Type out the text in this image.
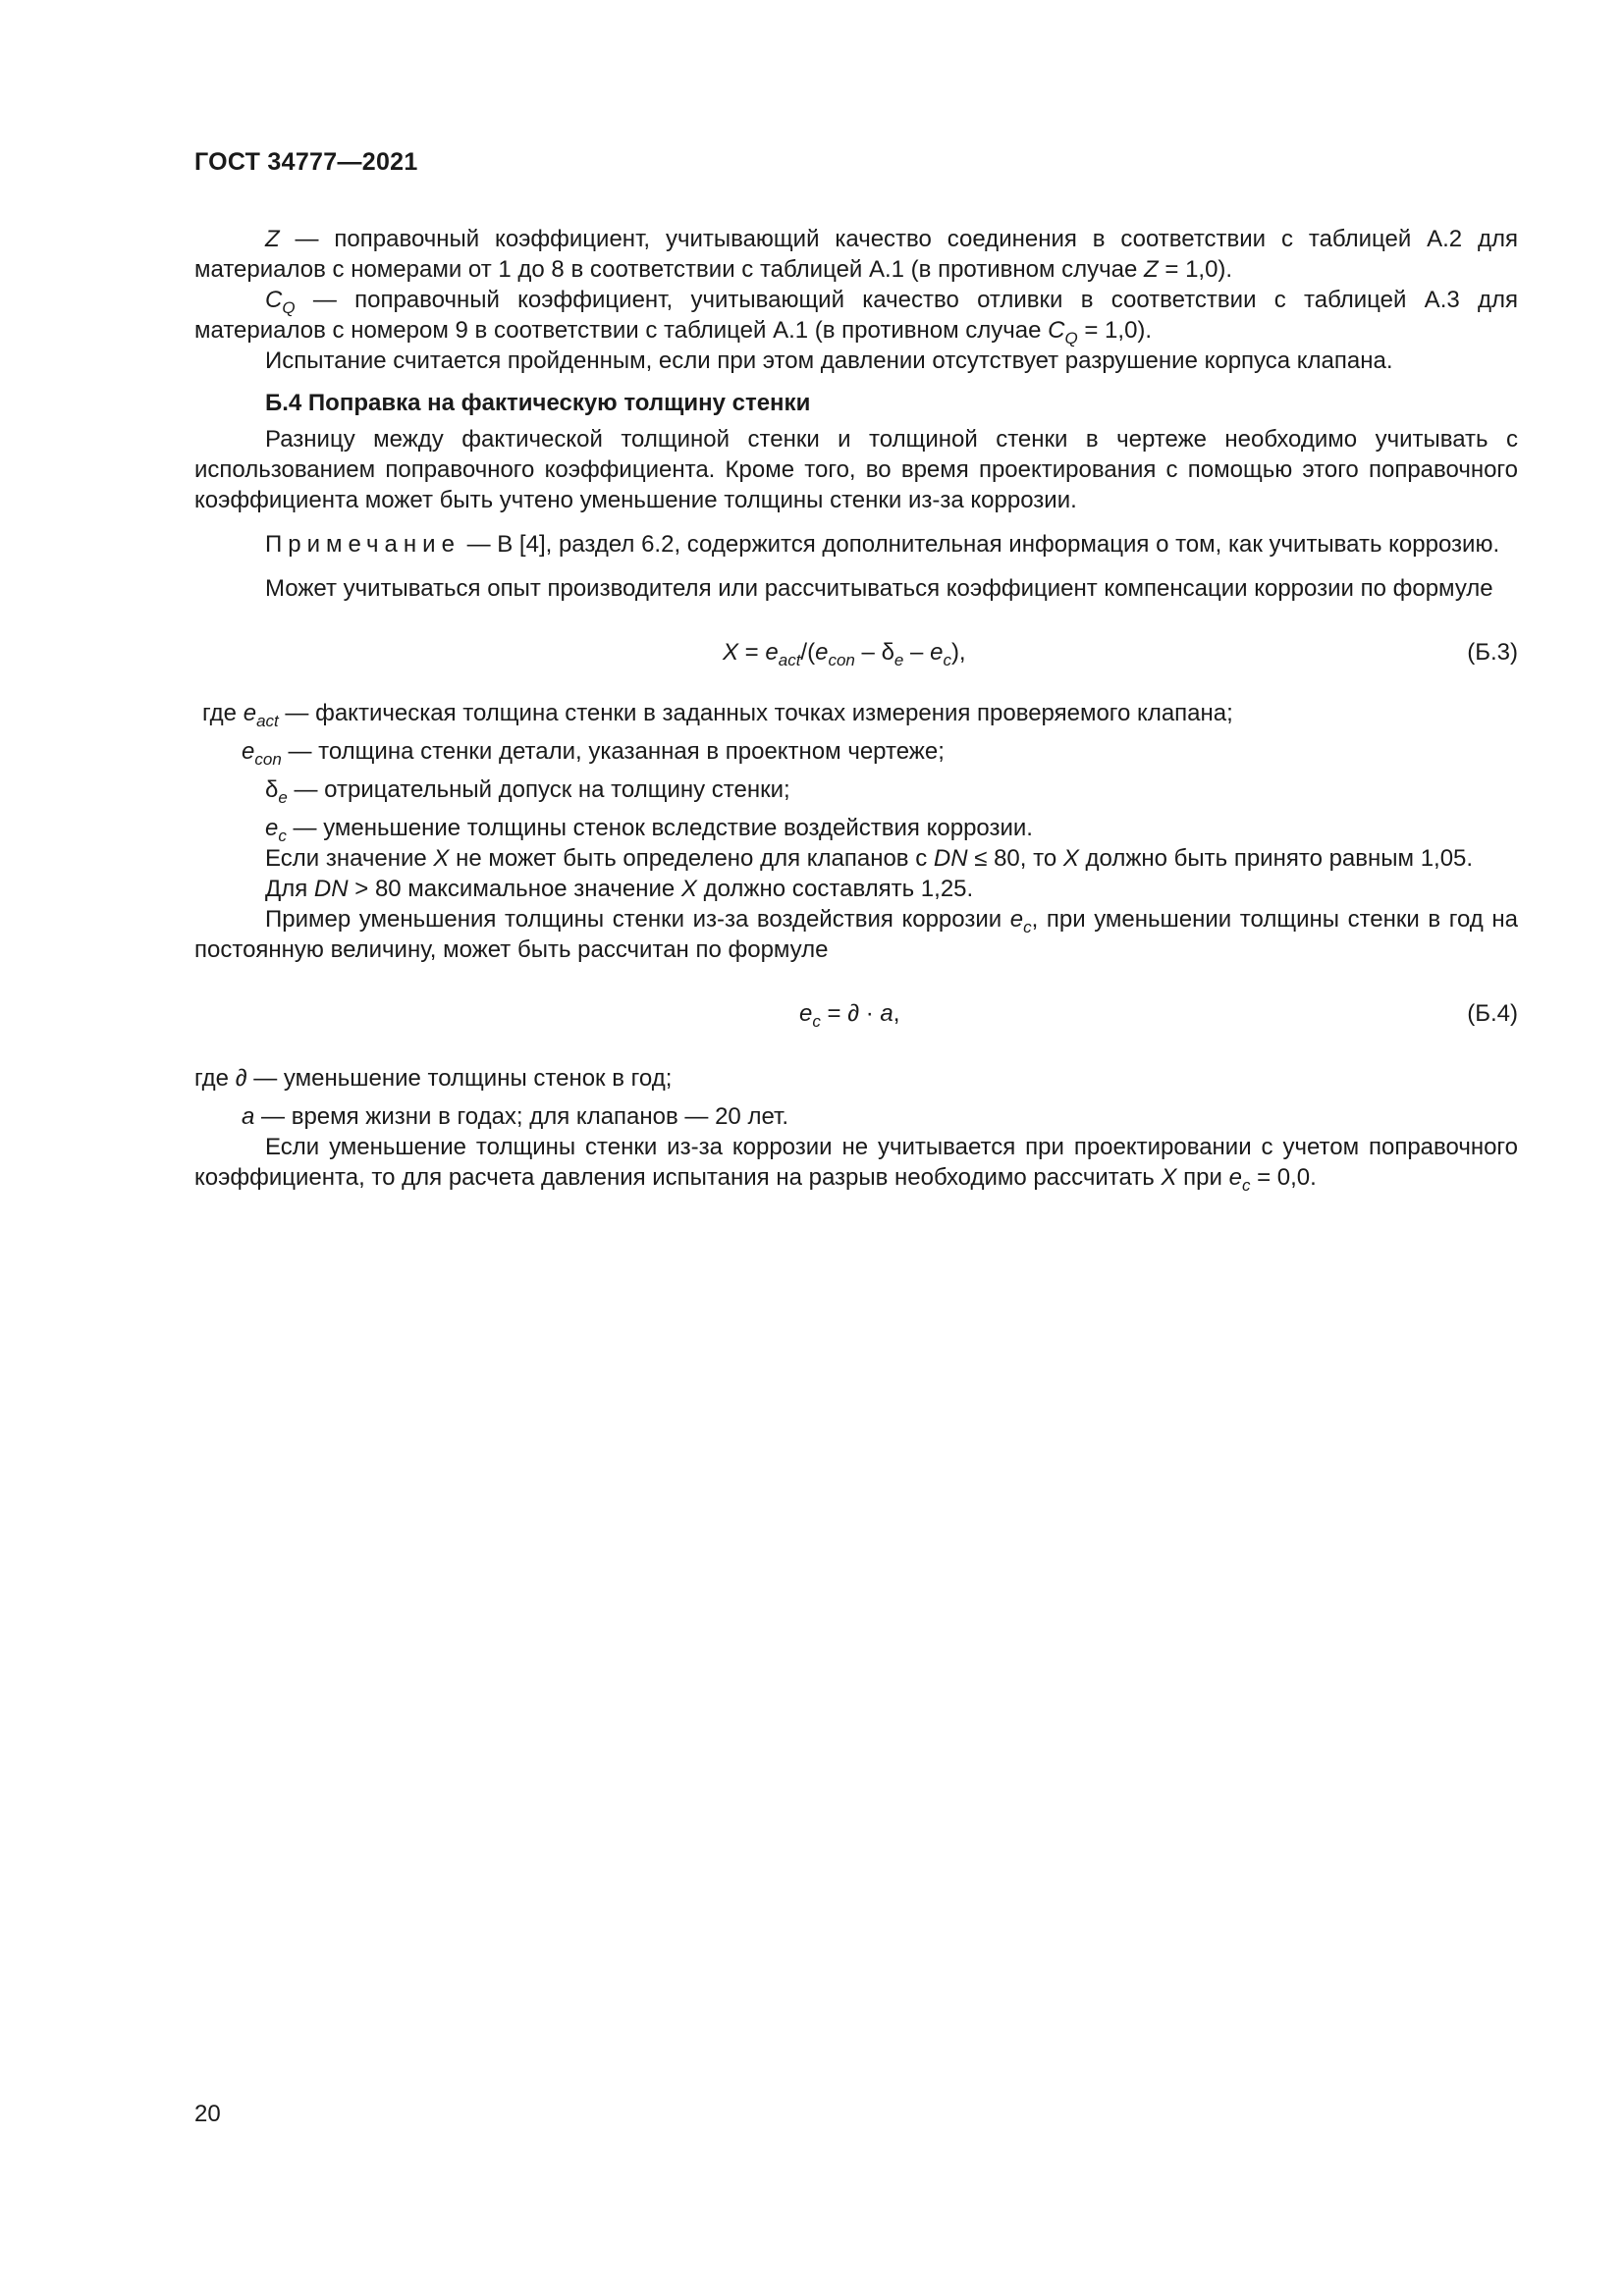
ГОСТ 34777—2021

Z — поправочный коэффициент, учитывающий качество соединения в соответствии с таблицей А.2 для материалов с номерами от 1 до 8 в соответствии с таблицей А.1 (в противном случае Z = 1,0).

$C_Q$ — поправочный коэффициент, учитывающий качество отливки в соответствии с таблицей А.3 для материалов с номером 9 в соответствии с таблицей А.1 (в противном случае $C_Q = 1,0$).

Испытание считается пройденным, если при этом давлении отсутствует разрушение корпуса клапана.

Б.4 Поправка на фактическую толщину стенки

Разницу между фактической толщиной стенки и толщиной стенки в чертеже необходимо учитывать с использованием поправочного коэффициента. Кроме того, во время проектирования с помощью этого поправочного коэффициента может быть учтено уменьшение толщины стенки из-за коррозии.

Примечание — В [4], раздел 6.2, содержится дополнительная информация о том, как учитывать коррозию.

Может учитываться опыт производителя или рассчитываться коэффициент компенсации коррозии по формуле

$X = e_{act}/(e_{con} - \delta_e - e_c)$,	(Б.3)

где $e_{act}$ — фактическая толщина стенки в заданных точках измерения проверяемого клапана;

$e_{con}$ — толщина стенки детали, указанная в проектном чертеже;

$\delta_e$ — отрицательный допуск на толщину стенки;

$e_c$ — уменьшение толщины стенок вследствие воздействия коррозии.

Если значение X не может быть определено для клапанов с DN ≤ 80, то X должно быть принято равным 1,05.

Для DN > 80 максимальное значение X должно составлять 1,25.

Пример уменьшения толщины стенки из-за воздействия коррозии $e_c$, при уменьшении толщины стенки в год на постоянную величину, может быть рассчитан по формуле

$e_c$ = ∂ · a,	(Б.4)

где ∂ — уменьшение толщины стенок в год;

a — время жизни в годах; для клапанов — 20 лет.

Если уменьшение толщины стенки из-за коррозии не учитывается при проектировании с учетом поправочного коэффициента, то для расчета давления испытания на разрыв необходимо рассчитать X при $e_c = 0,0$.

20
